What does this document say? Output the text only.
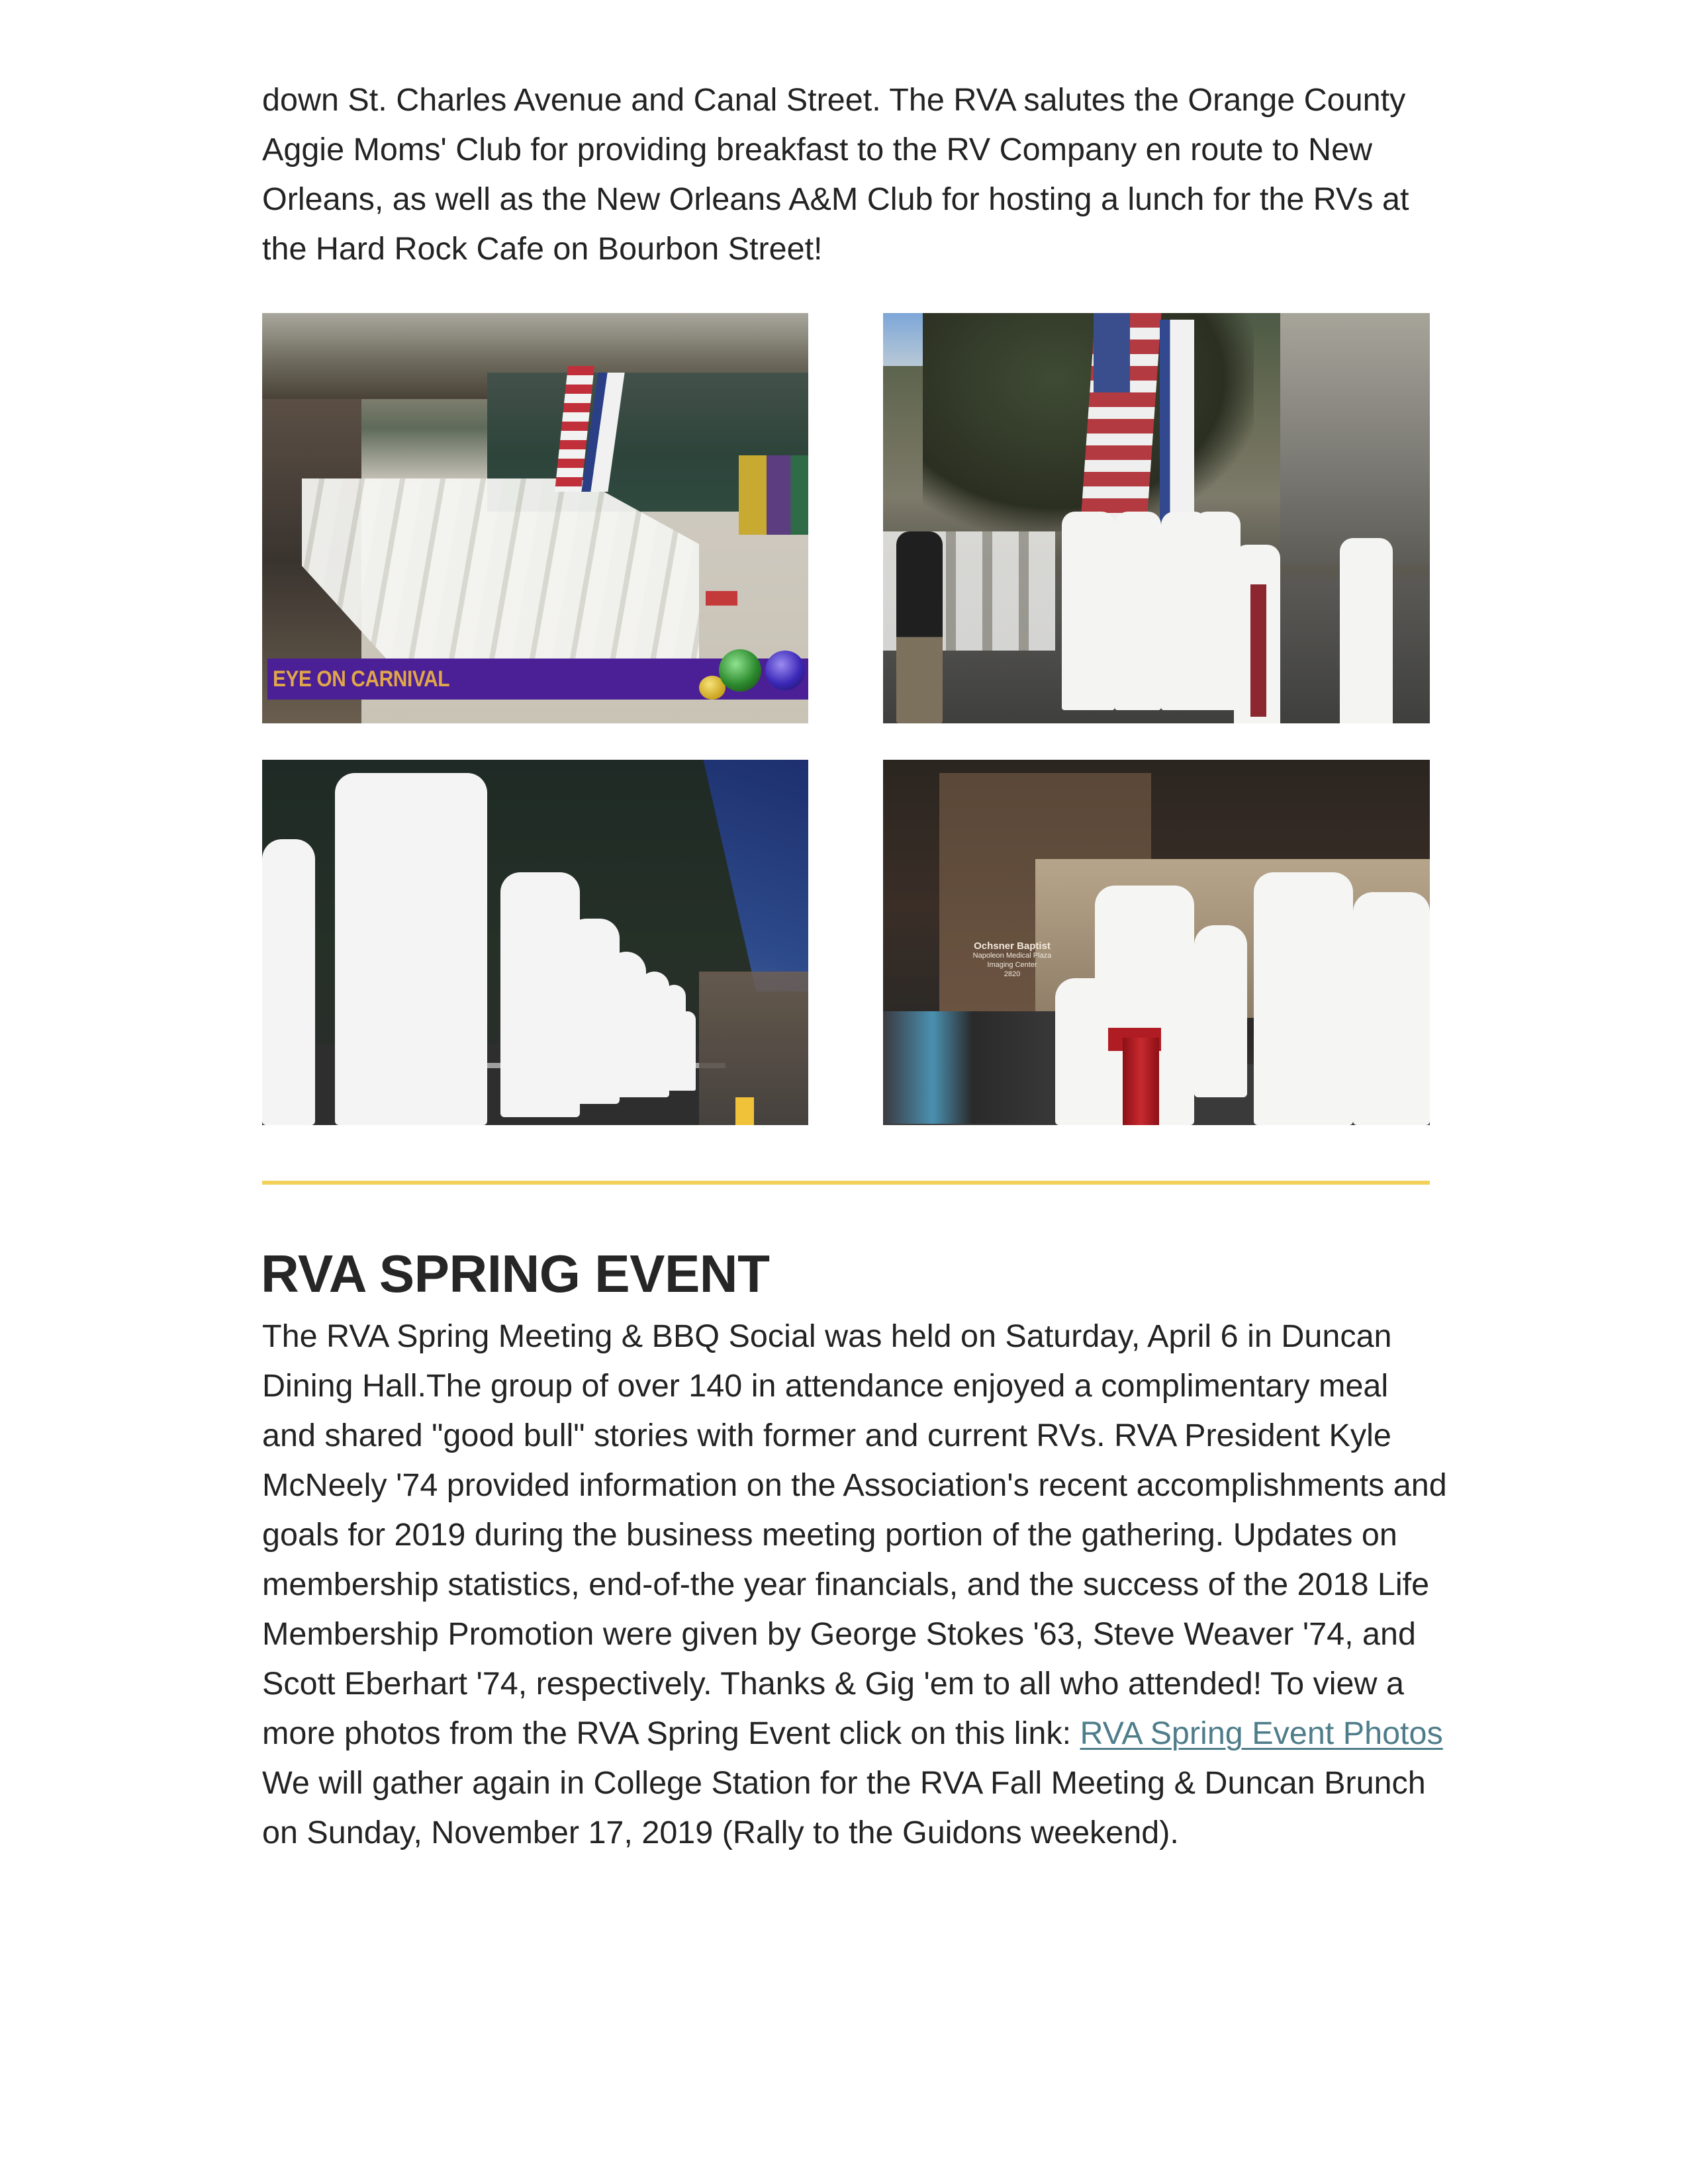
down St. Charles Avenue and Canal Street. The RVA salutes the Orange County Aggie Moms' Club for providing breakfast to the RV Company en route to New Orleans, as well as the New Orleans A&M Club for hosting a lunch for the RVs at the Hard Rock Cafe on Bourbon Street!

EYE ON CARNIVAL
Ochsner Baptist
Napoleon Medical Plaza
Imaging Center
2820
RVA SPRING EVENT

The RVA Spring Meeting & BBQ Social was held on Saturday, April 6 in Duncan Dining Hall.The group of over 140 in attendance enjoyed a complimentary meal and shared "good bull" stories with former and current RVs. RVA President Kyle McNeely '74 provided information on the Association's recent accomplishments and goals for 2019 during the business meeting portion of the gathering. Updates on membership statistics, end-of-the year financials, and the success of the 2018 Life Membership Promotion were given by George Stokes '63, Steve Weaver '74, and Scott Eberhart '74, respectively. Thanks & Gig 'em to all who attended! To view a more photos from the RVA Spring Event click on this link: RVA Spring Event Photos We will gather again in College Station for the RVA Fall Meeting & Duncan Brunch on Sunday, November 17, 2019 (Rally to the Guidons weekend).
